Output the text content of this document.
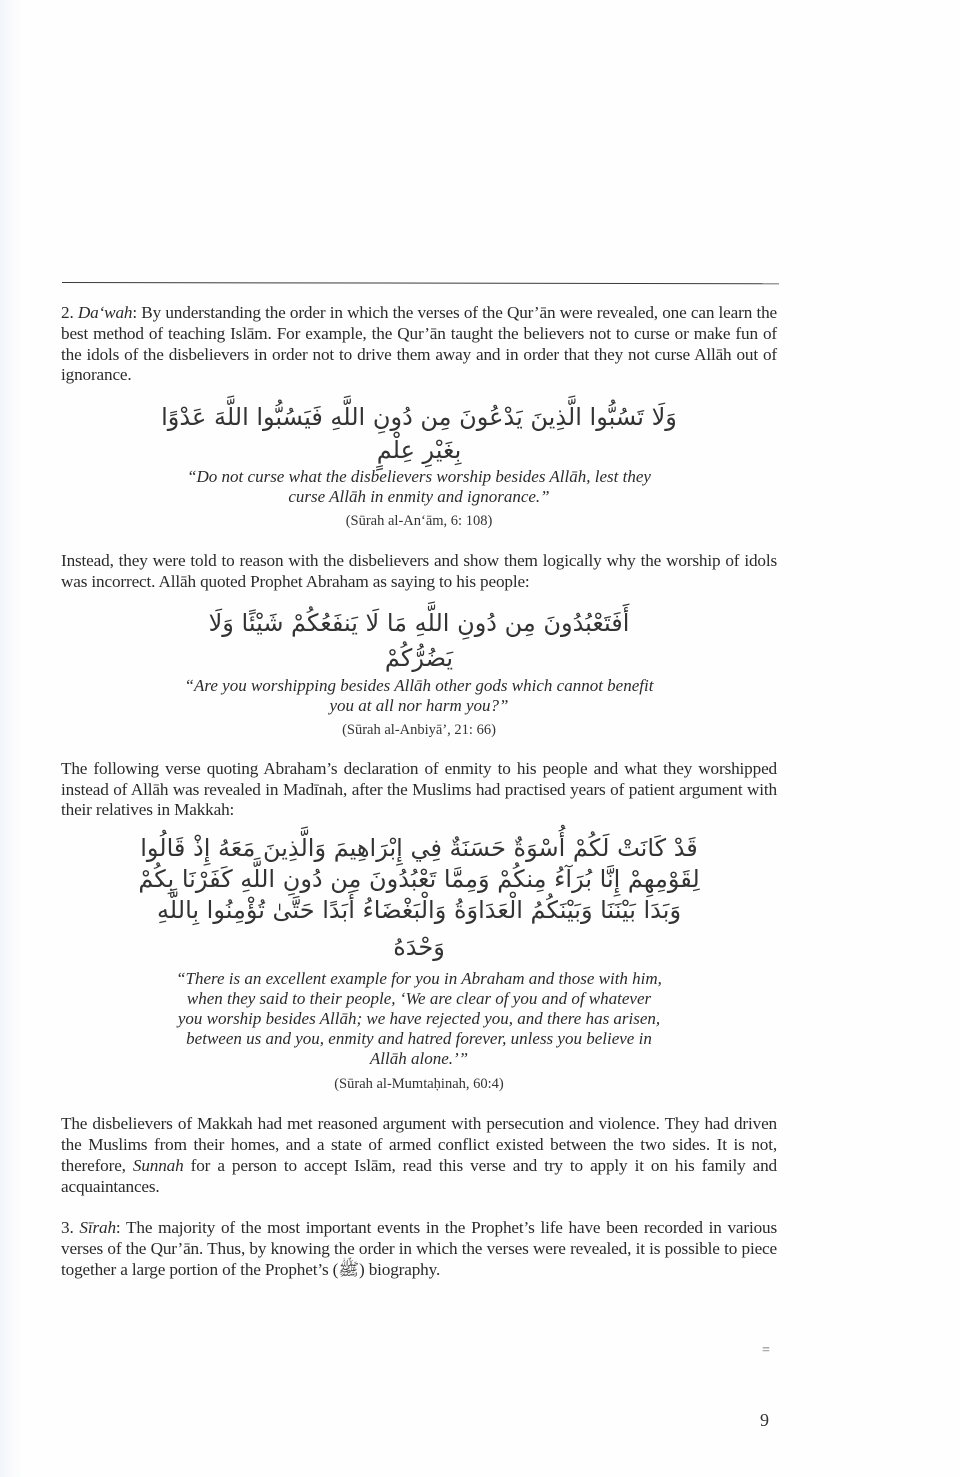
2. Da‘wah: By understanding the order in which the verses of the Qur’ān were revealed, one can learn the best method of teaching Islām. For example, the Qur’ān taught the believers not to curse or make fun of the idols of the disbelievers in order not to drive them away and in order that they not curse Allāh out of ignorance.

وَلَا تَسُبُّوا الَّذِينَ يَدْعُونَ مِن دُونِ اللَّهِ فَيَسُبُّوا اللَّهَ عَدْوًا

بِغَيْرِ عِلْمٍ

“Do not curse what the disbelievers worship besides Allāh, lest they

curse Allāh in enmity and ignorance.”

(Sūrah al-An‘ām, 6: 108)

Instead, they were told to reason with the disbelievers and show them logically why the worship of idols was incorrect. Allāh quoted Prophet Abraham as saying to his people:

أَفَتَعْبُدُونَ مِن دُونِ اللَّهِ مَا لَا يَنفَعُكُمْ شَيْئًا وَلَا

يَضُرُّكُمْ

“Are you worshipping besides Allāh other gods which cannot benefit

you at all nor harm you?”

(Sūrah al-Anbiyā’, 21: 66)

The following verse quoting Abraham’s declaration of enmity to his people and what they worshipped instead of Allāh was revealed in Madīnah, after the Muslims had practised years of patient argument with their relatives in Makkah:

قَدْ كَانَتْ لَكُمْ أُسْوَةٌ حَسَنَةٌ فِي إِبْرَاهِيمَ وَالَّذِينَ مَعَهُ إِذْ قَالُوا

لِقَوْمِهِمْ إِنَّا بُرَآءُ مِنكُمْ وَمِمَّا تَعْبُدُونَ مِن دُونِ اللَّهِ كَفَرْنَا بِكُمْ

وَبَدَا بَيْنَنَا وَبَيْنَكُمُ الْعَدَاوَةُ وَالْبَغْضَاءُ أَبَدًا حَتَّىٰ تُؤْمِنُوا بِاللَّهِ

وَحْدَهُ

“There is an excellent example for you in Abraham and those with him,

when they said to their people, ‘We are clear of you and of whatever

you worship besides Allāh; we have rejected you, and there has arisen,

between us and you, enmity and hatred forever, unless you believe in

Allāh alone.’”

(Sūrah al-Mumtaḥinah, 60:4)

The disbelievers of Makkah had met reasoned argument with persecution and violence. They had driven the Muslims from their homes, and a state of armed conflict existed between the two sides. It is not, therefore, Sunnah for a person to accept Islām, read this verse and try to apply it on his family and acquaintances.

3. Sīrah: The majority of the most important events in the Prophet’s life have been recorded in various verses of the Qur’ān. Thus, by knowing the order in which the verses were revealed, it is possible to piece together a large portion of the Prophet’s (ﷺ) biography.

=
9
